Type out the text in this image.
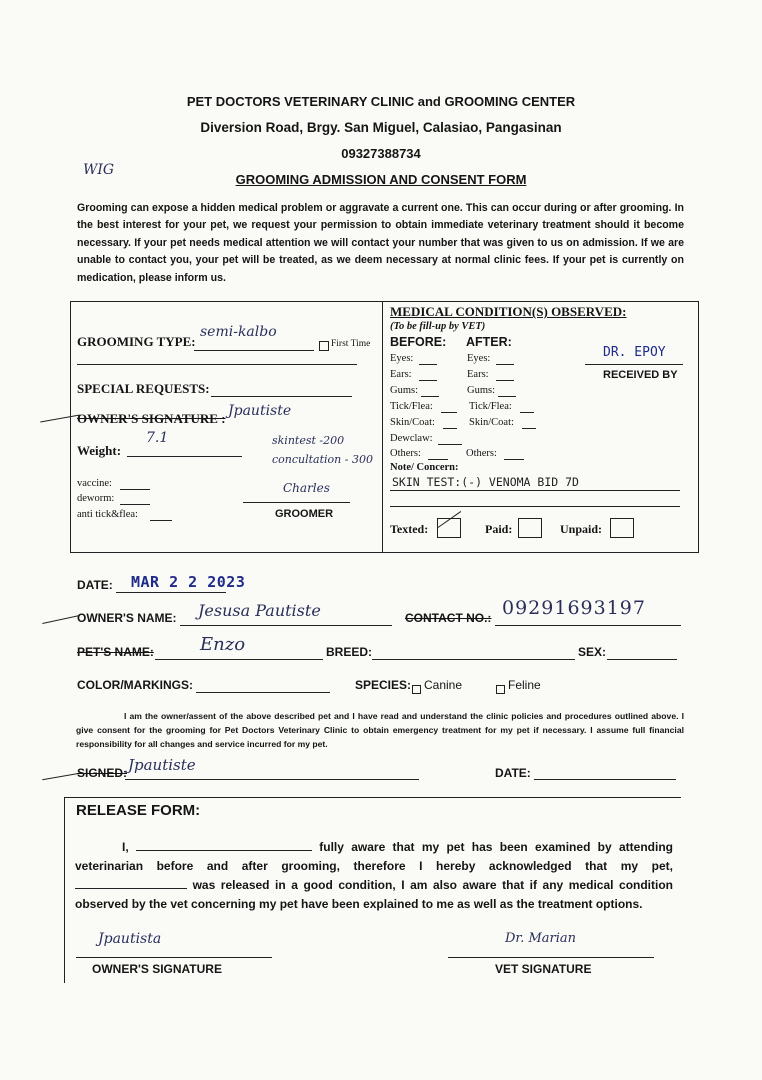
PET DOCTORS VETERINARY CLINIC and GROOMING CENTER
Diversion Road, Brgy. San Miguel, Calasiao, Pangasinan
09327388734
WIG
GROOMING ADMISSION AND CONSENT FORM
Grooming can expose a hidden medical problem or aggravate a current one. This can occur during or after grooming. In the best interest for your pet, we request your permission to obtain immediate veterinary treatment should it become necessary. If your pet needs medical attention we will contact your number that was given to us on admission. If we are unable to contact you, your pet will be treated, as we deem necessary at normal clinic fees. If your pet is currently on medication, please inform us.
GROOMING TYPE:
semi-kalbo
First Time
SPECIAL REQUESTS:
OWNER'S SIGNATURE : Jpautiste
Weight:
7.1	skintest -200
concultation - 300
vaccine:
deworm:
anti tick&flea:
Charles
GROOMER
MEDICAL CONDITION(S) OBSERVED:
(To be fill-up by VET)
BEFORE: AFTER:
Eyes:	Eyes:
Ears:	Ears:
Gums:	Gums:
Tick/Flea:	Tick/Flea:
Skin/Coat:	Skin/Coat:
Dewclaw:
Others:	Others:
DR. EPOY
RECEIVED BY
Note/ Concern:
SKIN TEST:(-) VENOMA BID 7D
Texted:	Paid:	Unpaid:
DATE: MAR 2 2 2023
OWNER'S NAME: Jesusa Pautiste	CONTACT NO.: 09291693197
PET'S NAME:	Enzo	BREED:	SEX:
COLOR/MARKINGS:	SPECIES: Canine	Feline
I am the owner/assent of the above described pet and I have read and understand the clinic policies and procedures outlined above. I give consent for the grooming for Pet Doctors Veterinary Clinic to obtain emergency treatment for my pet if necessary. I assume full financial responsibility for all changes and service incurred for my pet.
SIGNED: Jpautiste	DATE:
RELEASE FORM:
I,	fully aware that my pet has been examined by attending veterinarian before and after grooming, therefore I hereby acknowledged that my pet,  was released in a good condition, I am also aware that if any medical condition observed by the vet concerning my pet have been explained to me as well as the treatment options.
Jpautista
OWNER'S SIGNATURE
Dr. Marian
VET SIGNATURE
